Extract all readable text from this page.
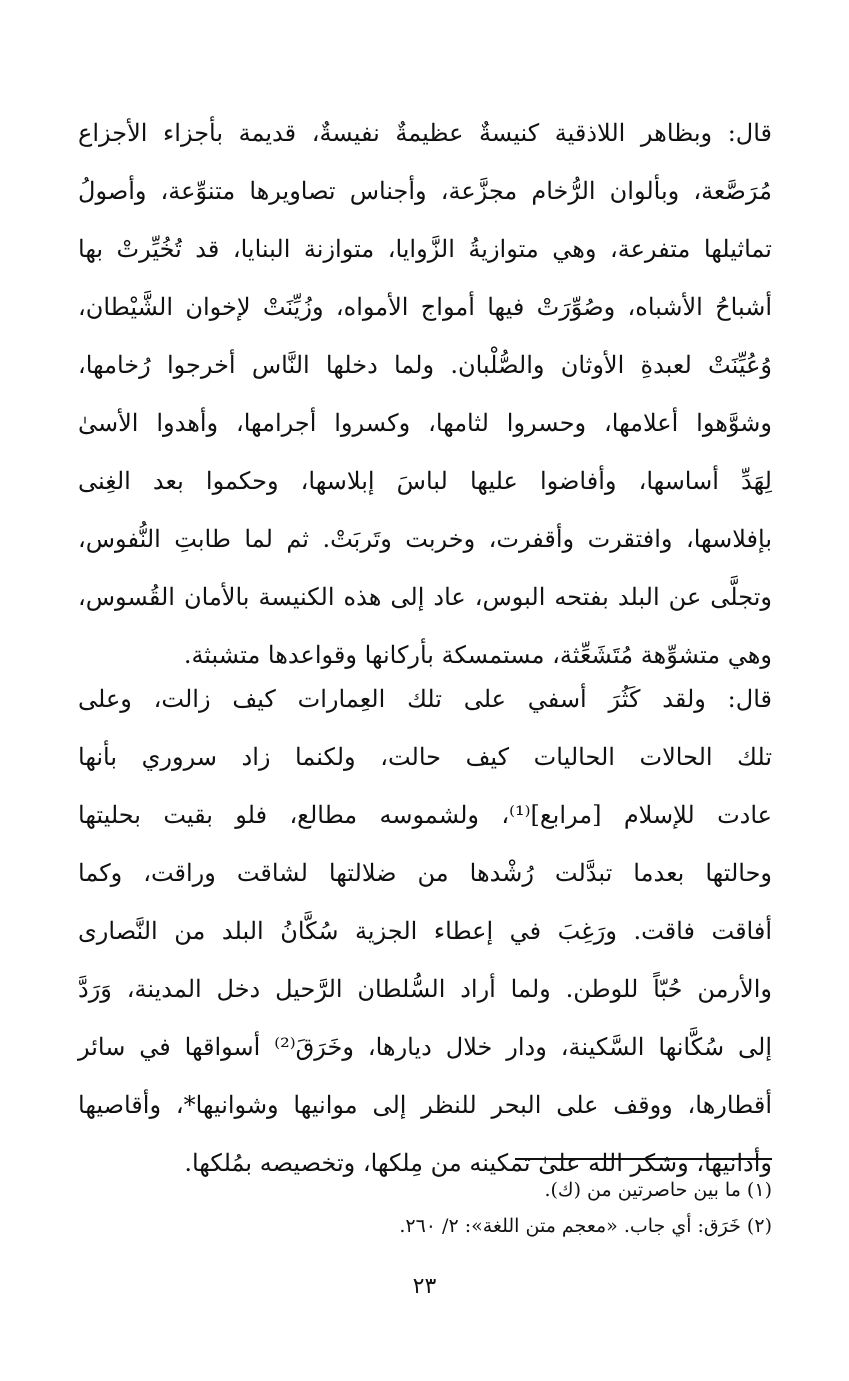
قال: وبظاهر اللاذقية كنيسةٌ عظيمةٌ نفيسةٌ، قديمة بأجزاء الأجزاع
مُرَصَّعة، وبألوان الرُّخام مجزَّعة، وأجناس تصاويرها متنوِّعة، وأصولُ
تماثيلها متفرعة، وهي متوازيةُ الزَّوايا، متوازنة البنايا، قد تُخُيِّرتْ بها
أشباحُ الأشباه، وصُوِّرَتْ فيها أمواج الأمواه، وزُيِّنَتْ لإخوان الشَّيْطان،
وُعُيِّنَتْ لعبدةِ الأوثان والصُّلْبان. ولما دخلها النَّاس أخرجوا رُخامها،
وشوَّهوا أعلامها، وحسروا لثامها، وكسروا أجرامها، وأهدوا الأسىٰ
لِهَدِّ أساسها، وأفاضوا عليها لباسَ إبلاسها، وحكموا بعد الغِنى
بإفلاسها، وافتقرت وأقفرت، وخربت وتَربَتْ. ثم لما طابتِ النُّفوس،
وتجلَّى عن البلد بفتحه البوس، عاد إلى هذه الكنيسة بالأمان القُسوس،
وهي متشوِّهة مُتَشَعِّثة، مستمسكة بأركانها وقواعدها متشبثة.
قال: ولقد كَثُرَ أسفي على تلك العِمارات كيف زالت، وعلى
تلك الحالات الحاليات كيف حالت، ولكنما زاد سروري بأنها
عادت للإسلام [مرابع]⁽¹⁾، ولشموسه مطالع، فلو بقيت بحليتها
وحالتها بعدما تبدَّلت رُشْدها من ضلالتها لشاقت وراقت، وكما
أفاقت فاقت. ورَغِبَ في إعطاء الجزية سُكَّانُ البلد من النَّصارى
والأرمن حُبّاً للوطن. ولما أراد السُّلطان الرَّحيل دخل المدينة، وَرَدَّ
إلى سُكَّانها السَّكينة، ودار خلال ديارها، وخَرَقَ⁽²⁾ أسواقها في سائر
أقطارها، ووقف على البحر للنظر إلى موانيها وشوانيها*، وأقاصيها
وأدانيها، وشكر الله علىٰ تمكينه من مِلكها، وتخصيصه بمُلكها.
(١) ما بين حاصرتين من (ك).
(٢) خَرَق: أي جاب. «معجم متن اللغة»: ٢/ ٢٦٠.
٢٣
